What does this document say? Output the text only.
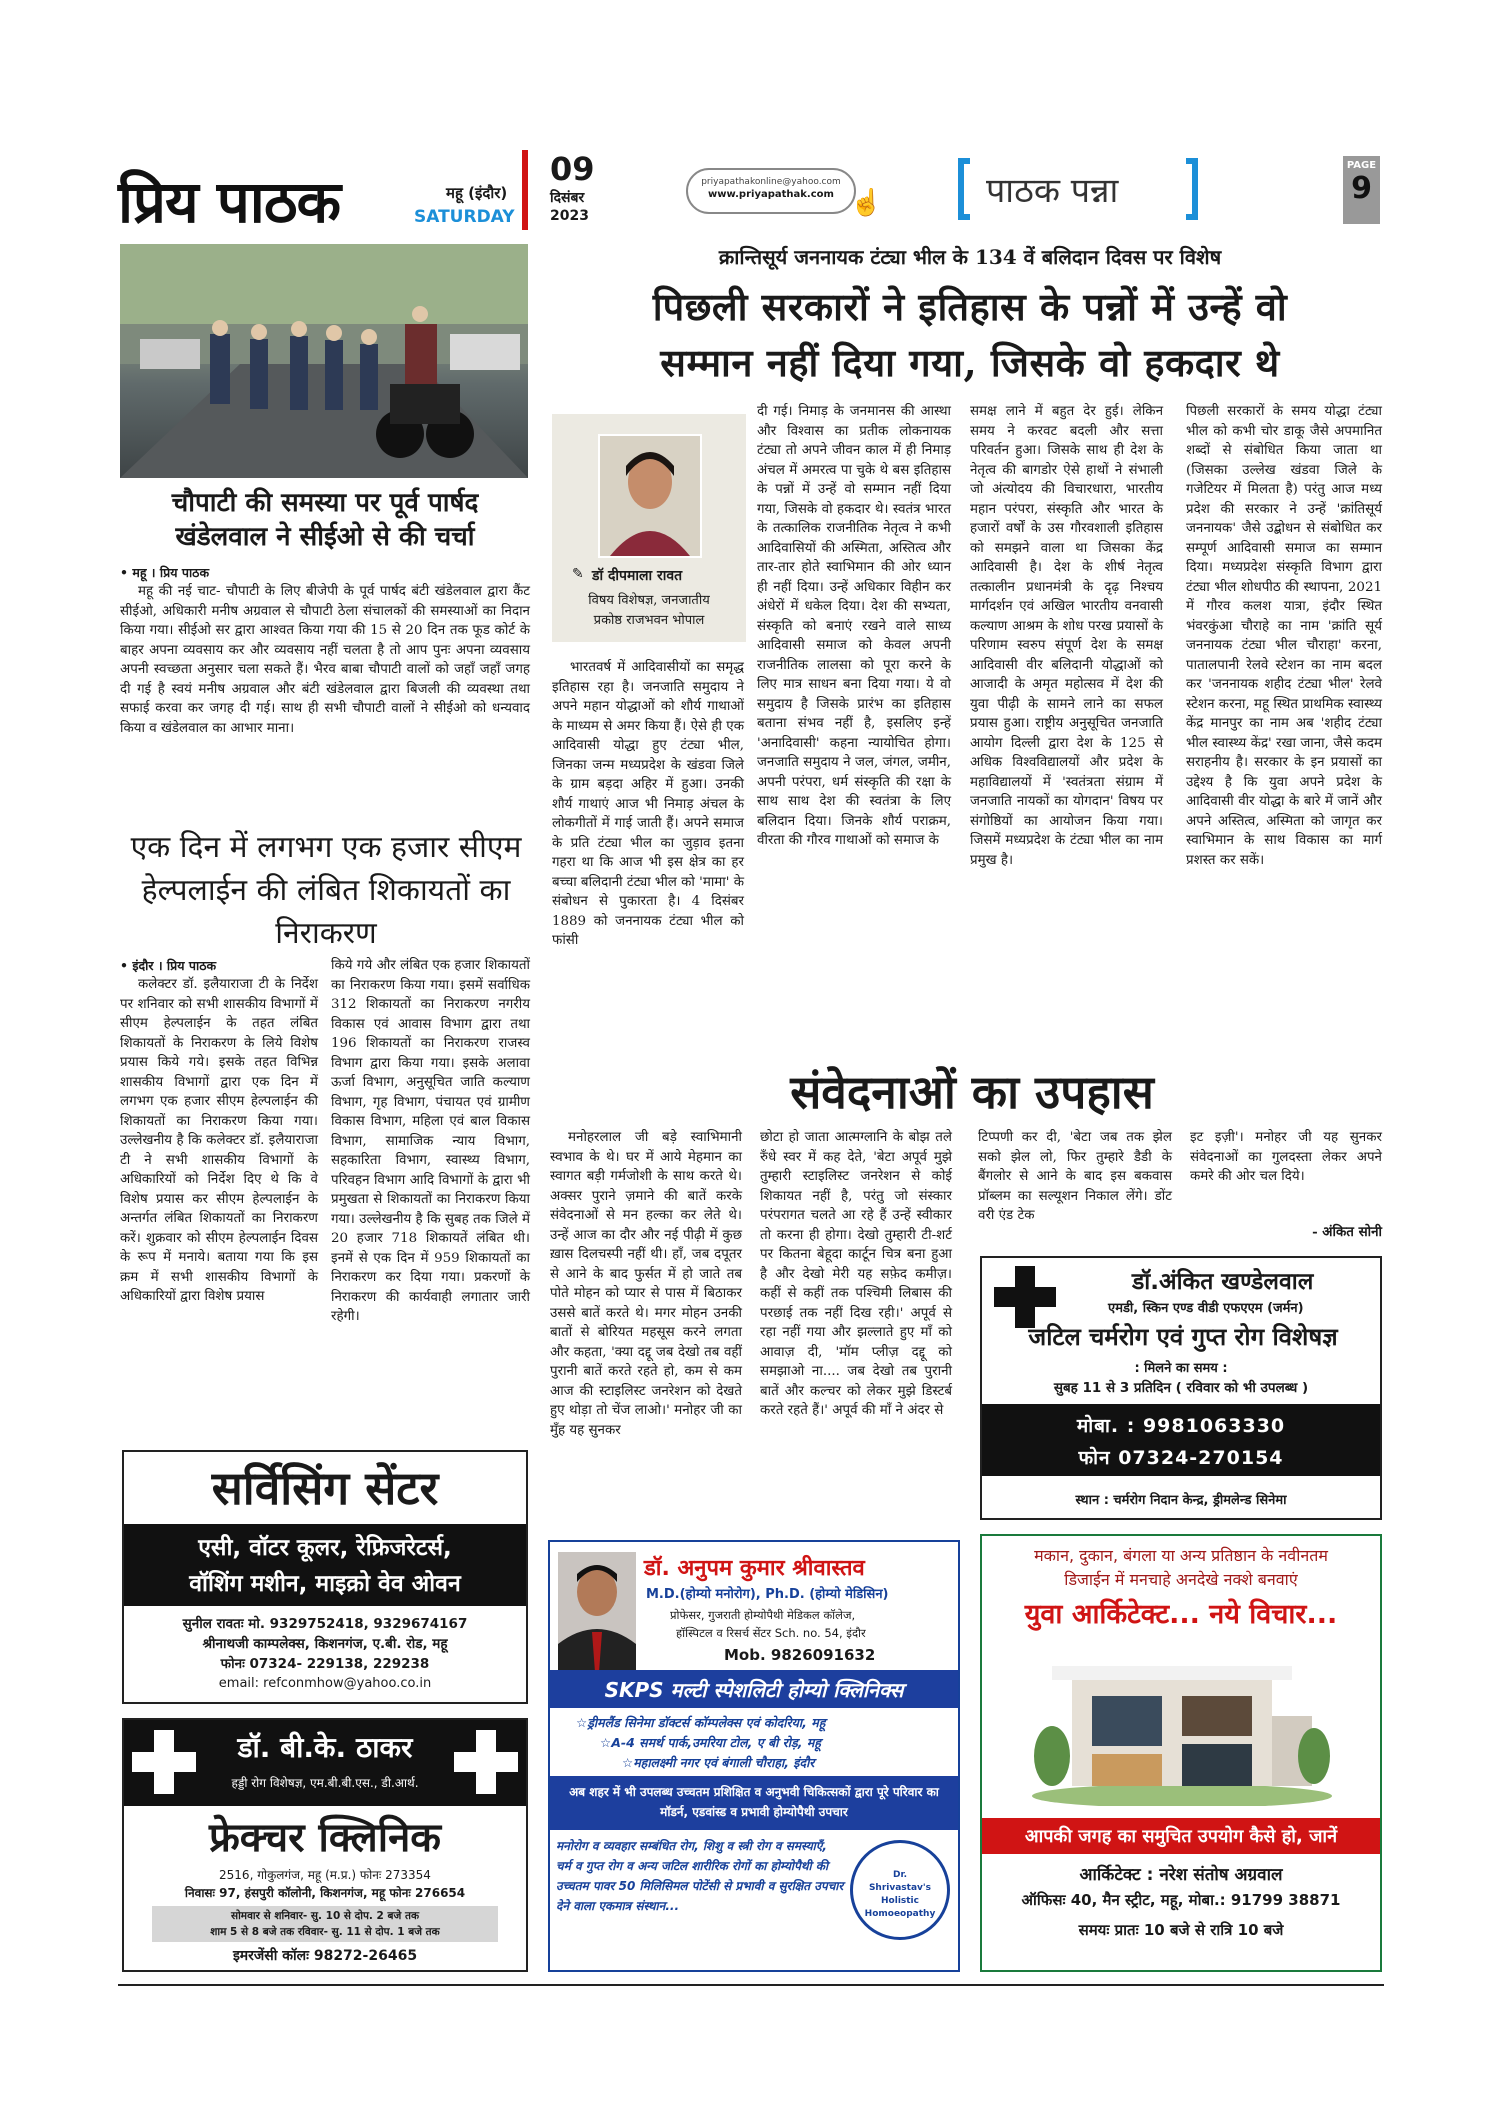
प्रिय पाठक	महू (इंदौर)
SATURDAY
09
दिसंबर
2023
priyapathakonline@yahoo.com
www.priyapathak.com ☝	पाठक पन्ना
PAGE
9
चौपाटी की समस्या पर पूर्व पार्षद खंडेलवाल ने सीईओ से की चर्चा
• महू । प्रिय पाठक
महू की नई चाट- चौपाटी के लिए बीजेपी के पूर्व पार्षद बंटी खंडेलवाल द्वारा कैंट सीईओ, अधिकारी मनीष अग्रवाल से चौपाटी ठेला संचालकों की समस्याओं का निदान किया गया। सीईओ सर द्वारा आश्वत किया गया की 15 से 20 दिन तक फूड कोर्ट के बाहर अपना व्यवसाय कर और व्यवसाय नहीं चलता है तो आप पुनः अपना व्यवसाय अपनी स्वच्छता अनुसार चला सकते हैं। भैरव बाबा चौपाटी वालों को जहाँ जहाँ जगह दी गई है स्वयं मनीष अग्रवाल और बंटी खंडेलवाल द्वारा बिजली की व्यवस्था तथा सफाई करवा कर जगह दी गई। साथ ही सभी चौपाटी वालों ने सीईओ को धन्यवाद किया व खंडेलवाल का आभार माना।
एक दिन में लगभग एक हजार सीएम हेल्पलाईन की लंबित शिकायतों का निराकरण
• इंदौर । प्रिय पाठक
कलेक्टर डॉ. इलैयाराजा टी के निर्देश पर शनिवार को सभी शासकीय विभागों में सीएम हेल्पलाईन के तहत लंबित शिकायतों के निराकरण के लिये विशेष प्रयास किये गये। इसके तहत विभिन्न शासकीय विभागों द्वारा एक दिन में लगभग एक हजार सीएम हेल्पलाईन की शिकायतों का निराकरण किया गया। उल्लेखनीय है कि कलेक्टर डॉ. इलैयाराजा टी ने सभी शासकीय विभागों के अधिकारियों को निर्देश दिए थे कि वे विशेष प्रयास कर सीएम हेल्पलाईन के अन्तर्गत लंबित शिकायतों का निराकरण करें। शुक्रवार को सीएम हेल्पलाईन दिवस के रूप में मनाये। बताया गया कि इस क्रम में सभी शासकीय विभागों के अधिकारियों द्वारा विशेष प्रयास
किये गये और लंबित एक हजार शिकायतों का निराकरण किया गया। इसमें सर्वाधिक 312 शिकायतों का निराकरण नगरीय विकास एवं आवास विभाग द्वारा तथा 196 शिकायतों का निराकरण राजस्व विभाग द्वारा किया गया। इसके अलावा ऊर्जा विभाग, अनुसूचित जाति कल्याण विभाग, गृह विभाग, पंचायत एवं ग्रामीण विकास विभाग, महिला एवं बाल विकास विभाग, सामाजिक न्याय विभाग, सहकारिता विभाग, स्वास्थ्य विभाग, परिवहन विभाग आदि विभागों के द्वारा भी प्रमुखता से शिकायतों का निराकरण किया गया। उल्लेखनीय है कि सुबह तक जिले में 20 हजार 718 शिकायतें लंबित थी। इनमें से एक दिन में 959 शिकायतों का निराकरण कर दिया गया। प्रकरणों के निराकरण की कार्यवाही लगातार जारी रहेगी।
क्रान्तिसूर्य जननायक टंट्या भील के 134 वें बलिदान दिवस पर विशेष
पिछली सरकारों ने इतिहास के पन्नों में उन्हें वो
सम्मान नहीं दिया गया, जिसके वो हकदार थे
✎ डॉ दीपमाला रावत
विषय विशेषज्ञ, जनजातीय
प्रकोष्ठ राजभवन भोपाल
भारतवर्ष में आदिवासीयों का समृद्ध इतिहास रहा है। जनजाति समुदाय ने अपने महान योद्धाओं को शौर्य गाथाओं के माध्यम से अमर किया हैं। ऐसे ही एक आदिवासी योद्धा हुए टंट्या भील, जिनका जन्म मध्यप्रदेश के खंडवा जिले के ग्राम बड़दा अहिर में हुआ। उनकी शौर्य गाथाएं आज भी निमाड़ अंचल के लोकगीतों में गाई जाती हैं। अपने समाज के प्रति टंट्या भील का जुड़ाव इतना गहरा था कि आज भी इस क्षेत्र का हर बच्चा बलिदानी टंट्या भील को 'मामा' के संबोधन से पुकारता है। 4 दिसंबर 1889 को जननायक टंट्या भील को फांसी
दी गई। निमाड़ के जनमानस की आस्था और विश्वास का प्रतीक लोकनायक टंट्या तो अपने जीवन काल में ही निमाड़ अंचल में अमरत्व पा चुके थे बस इतिहास के पन्नों में उन्हें वो सम्मान नहीं दिया गया, जिसके वो हकदार थे। स्वतंत्र भारत के तत्कालिक राजनीतिक नेतृत्व ने कभी आदिवासियों की अस्मिता, अस्तित्व और तार-तार होते स्वाभिमान की ओर ध्यान ही नहीं दिया। उन्हें अधिकार विहीन कर अंधेरों में धकेल दिया। देश की सभ्यता, संस्कृति को बनाएं रखने वाले साध्य आदिवासी समाज को केवल अपनी राजनीतिक लालसा को पूरा करने के लिए मात्र साधन बना दिया गया। ये वो समुदाय है जिसके प्रारंभ का इतिहास बताना संभव नहीं है, इसलिए इन्हें 'अनादिवासी' कहना न्यायोचित होगा। जनजाति समुदाय ने जल, जंगल, जमीन, अपनी परंपरा, धर्म संस्कृति की रक्षा के साथ साथ देश की स्वतंत्रा के लिए बलिदान दिया। जिनके शौर्य पराक्रम, वीरता की गौरव गाथाओं को समाज के
समक्ष लाने में बहुत देर हुई। लेकिन समय ने करवट बदली और सत्ता परिवर्तन हुआ। जिसके साथ ही देश के नेतृत्व की बागडोर ऐसे हाथों ने संभाली जो अंत्योदय की विचारधारा, भारतीय महान परंपरा, संस्कृति और भारत के हजारों वर्षों के उस गौरवशाली इतिहास को समझने वाला था जिसका केंद्र आदिवासी है। देश के शीर्ष नेतृत्व तत्कालीन प्रधानमंत्री के दृढ़ निश्चय मार्गदर्शन एवं अखिल भारतीय वनवासी कल्याण आश्रम के शोध परख प्रयासों के परिणाम स्वरुप संपूर्ण देश के समक्ष आदिवासी वीर बलिदानी योद्धाओं को आजादी के अमृत महोत्सव में देश की युवा पीढ़ी के सामने लाने का सफल प्रयास हुआ। राष्ट्रीय अनुसूचित जनजाति आयोग दिल्ली द्वारा देश के 125 से अधिक विश्वविद्यालयों और प्रदेश के महाविद्यालयों में 'स्वतंत्रता संग्राम में जनजाति नायकों का योगदान' विषय पर संगोष्ठियों का आयोजन किया गया। जिसमें मध्यप्रदेश के टंट्या भील का नाम प्रमुख है।
पिछली सरकारों के समय योद्धा टंट्या भील को कभी चोर डाकू जैसे अपमानित शब्दों से संबोधित किया जाता था (जिसका उल्लेख खंडवा जिले के गजेटियर में मिलता है) परंतु आज मध्य प्रदेश की सरकार ने उन्हें 'क्रांतिसूर्य जननायक' जैसे उद्बोधन से संबोधित कर सम्पूर्ण आदिवासी समाज का सम्मान दिया। मध्यप्रदेश संस्कृति विभाग द्वारा टंट्या भील शोधपीठ की स्थापना, 2021 में गौरव कलश यात्रा, इंदौर स्थित भंवरकुंआ चौराहे का नाम 'क्रांति सूर्य जननायक टंट्या भील चौराहा' करना, पातालपानी रेलवे स्टेशन का नाम बदल कर 'जननायक शहीद टंट्या भील' रेलवे स्टेशन करना, महू स्थित प्राथमिक स्वास्थ्य केंद्र मानपुर का नाम अब 'शहीद टंट्या भील स्वास्थ्य केंद्र' रखा जाना, जैसे कदम सराहनीय है। सरकार के इन प्रयासों का उद्देश्य है कि युवा अपने प्रदेश के आदिवासी वीर योद्धा के बारे में जानें और अपने अस्तित्व, अस्मिता को जागृत कर स्वाभिमान के साथ विकास का मार्ग प्रशस्त कर सकें।
संवेदनाओं का उपहास
मनोहरलाल जी बड़े स्वाभिमानी स्वभाव के थे। घर में आये मेहमान का स्वागत बड़ी गर्मजोशी के साथ करते थे। अक्सर पुराने ज़माने की बातें करके संवेदनाओं से मन हल्का कर लेते थे। उन्हें आज का दौर और नई पीढ़ी में कुछ ख़ास दिलचस्पी नहीं थी। हाँ, जब दपूतर से आने के बाद फुर्सत में हो जाते तब पोते मोहन को प्यार से पास में बिठाकर उससे बातें करते थे। मगर मोहन उनकी बातों से बोरियत महसूस करने लगता और कहता, 'क्या दद्दू जब देखो तब वहीं पुरानी बातें करते रहते हो, कम से कम आज की स्टाइलिस्ट जनरेशन को देखते हुए थोड़ा तो चेंज लाओ।' मनोहर जी का मुँह यह सुनकर
छोटा हो जाता आत्मग्लानि के बोझ तले रुँधे स्वर में कह देते, 'बेटा अपूर्व मुझे तुम्हारी स्टाइलिस्ट जनरेशन से कोई शिकायत नहीं है, परंतु जो संस्कार परंपरागत चलते आ रहे हैं उन्हें स्वीकार तो करना ही होगा। देखो तुम्हारी टी-शर्ट पर कितना बेहूदा कार्टून चित्र बना हुआ है और देखो मेरी यह सफ़ेद कमीज़। कहीं से कहीं तक पश्चिमी लिबास की परछाई तक नहीं दिख रही।' अपूर्व से रहा नहीं गया और झल्लाते हुए माँ को आवाज़ दी, 'मॉम प्लीज़ दद्दू को समझाओ ना.... जब देखो तब पुरानी बातें और कल्चर को लेकर मुझे डिस्टर्ब करते रहते हैं।' अपूर्व की माँ ने अंदर से
टिप्पणी कर दी, 'बेटा जब तक झेल सको झेल लो, फिर तुम्हारे डैडी के बैंगलोर से आने के बाद इस बकवास प्रॉब्लम का सल्यूशन निकाल लेंगे। डोंट वरी एंड टेक
इट इज़ी'। मनोहर जी यह सुनकर संवेदनाओं का गुलदस्ता लेकर अपने कमरे की ओर चल दिये।
- अंकित सोनी
डॉ.अंकित खण्डेलवाल
एमडी, स्किन एण्ड वीडी एफएएम (जर्मन)
जटिल चर्मरोग एवं गुप्त रोग विशेषज्ञ
: मिलने का समय :
सुबह 11 से 3 प्रतिदिन ( रविवार को भी उपलब्ध )
मोबा. : 9981063330
फोन 07324-270154
स्थान : चर्मरोग निदान केन्द्र, ड्रीमलेन्ड सिनेमा
सर्विसिंग सेंटर
एसी, वॉटर कूलर, रेफ्रिजरेटर्स,
वॉशिंग मशीन, माइक्रो वेव ओवन
सुनील रावतः मो. 9329752418, 9329674167
श्रीनाथजी काम्पलेक्स, किशनगंज, ए.बी. रोड, महू
फोनः 07324- 229138, 229238
email: refconmhow@yahoo.co.in
डॉ. बी.के. ठाकर
हड्डी रोग विशेषज्ञ, एम.बी.बी.एस., डी.आर्थ.
फ्रेक्चर क्लिनिक
2516, गोकुलगंज, महू (म.प्र.) फोनः 273354
निवासः 97, हंसपुरी कॉलोनी, किशनगंज, महू फोनः 276654
सोमवार से शनिवार- सु. 10 से दोप. 2 बजे तक
शाम 5 से 8 बजे तक रविवार- सु. 11 से दोप. 1 बजे तक
इमरजेंसी कॉलः 98272-26465
डॉ. अनुपम कुमार श्रीवास्तव
M.D.(होम्यो मनोरोग), Ph.D. (होम्यो मेडिसिन)
प्रोफेसर, गुजराती होम्योपैथी मेडिकल कॉलेज,
हॉस्पिटल व रिसर्च सेंटर Sch. no. 54, इंदौर
Mob. 9826091632
SKPS मल्टी स्पेशलिटी होम्यो क्लिनिक्स
☆ड्रीमलैंड सिनेमा डॉक्टर्स कॉम्पलेक्स एवं कोदरिया, महू
☆A-4 समर्थ पार्क,उमरिया टोल, ए बी रोड़, महू
☆महालक्ष्मी नगर एवं बंगाली चौराहा, इंदौर
अब शहर में भी उपलब्ध उच्चतम प्रशिक्षित व अनुभवी चिकित्सकों द्वारा पूरे परिवार का मॉडर्न, एडवांस्ड व प्रभावी होम्योपैथी उपचार
मनोरोग व व्यवहार सम्बंधित रोग, शिशु व स्त्री रोग व समस्याएँ, चर्म व गुप्त रोग व अन्य जटिल शारीरिक रोगों का होम्योपैथी की उच्चतम पावर 50 मिलिसिमल पोटेंसी से प्रभावी व सुरक्षित उपचार देने वाला एकमात्र संस्थान...
Dr. Shrivastav's Holistic Homoeopathy
मकान, दुकान, बंगला या अन्य प्रतिष्ठान के नवीनतम
डिजाईन में मनचाहे अनदेखे नक्शे बनवाएं
युवा आर्किटेक्ट... नये विचार...
आपकी जगह का समुचित उपयोग कैसे हो, जानें
आर्किटेक्ट : नरेश संतोष अग्रवाल
ऑफिसः 40, मैन स्ट्रीट, महू, मोबा.: 91799 38871
समयः प्रातः 10 बजे से रात्रि 10 बजे
